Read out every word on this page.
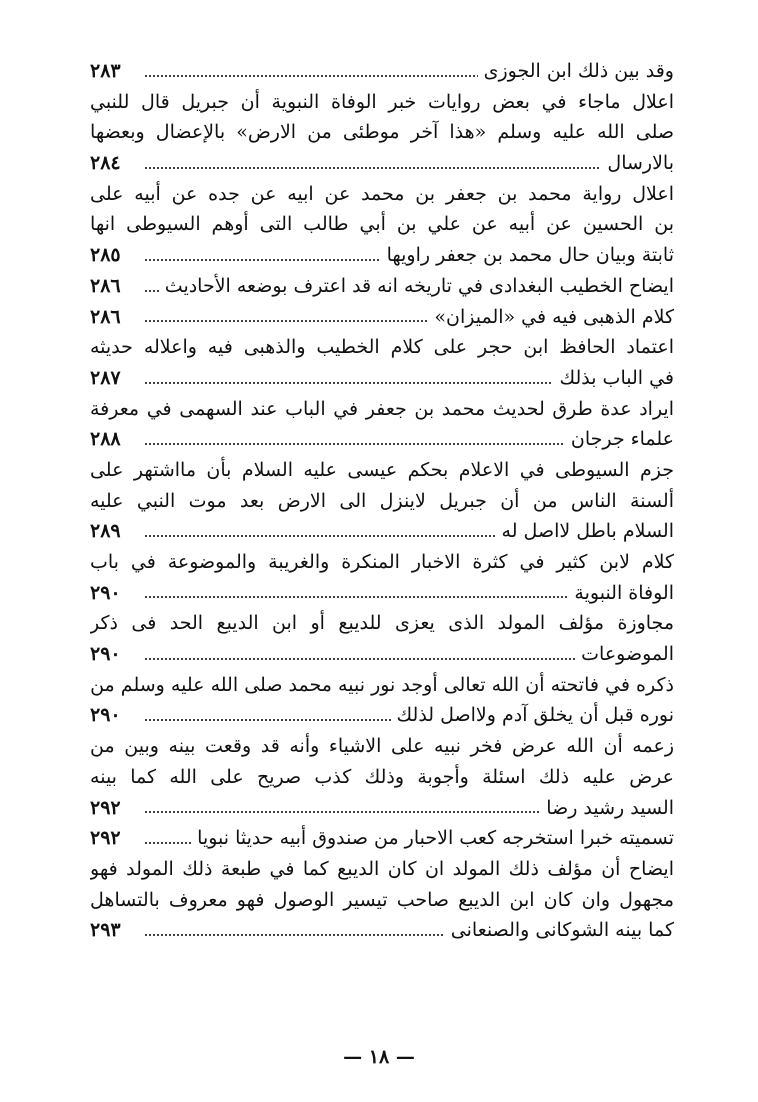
وقد بين ذلك ابن الجوزى
٢٨٣
اعلال ماجاء في بعض روايات خبر الوفاة النبوية أن جبريل قال للنبي
صلى الله عليه وسلم «هذا آخر موطئى من الارض» بالإعضال وبعضها
بالارسال
٢٨٤
اعلال رواية محمد بن جعفر بن محمد عن ابيه عن جده عن أبيه على
بن الحسين عن أبيه عن علي بن أبي طالب التى أوهم السيوطى انها
ثابتة وبيان حال محمد بن جعفر راويها
٢٨٥
ايضاح الخطيب البغدادى في تاريخه انه قد اعترف بوضعه الأحاديث
٢٨٦
كلام الذهبى فيه في «الميزان»
٢٨٦
اعتماد الحافظ ابن حجر على كلام الخطيب والذهبى فيه واعلاله حديثه
في الباب بذلك
٢٨٧
ايراد عدة طرق لحديث محمد بن جعفر في الباب عند السهمى في معرفة
علماء جرجان
٢٨٨
جزم السيوطى في الاعلام بحكم عيسى عليه السلام بأن مااشتهر على
ألسنة الناس من أن جبريل لاينزل الى الارض بعد موت النبي عليه
السلام باطل لااصل له
٢٨٩
كلام لابن كثير في كثرة الاخبار المنكرة والغريبة والموضوعة في باب
الوفاة النبوية
٢٩٠
مجاوزة مؤلف المولد الذى يعزى للديبع أو ابن الديبع الحد فى ذكر
الموضوعات
٢٩٠
ذكره في فاتحته أن الله تعالى أوجد نور نبيه محمد صلى الله عليه وسلم من
نوره قبل أن يخلق آدم ولااصل لذلك
٢٩٠
زعمه أن الله عرض فخر نبيه على الاشياء وأنه قد وقعت بينه وبين من
عرض عليه ذلك اسئلة وأجوبة وذلك كذب صريح على الله كما بينه
السيد رشيد رضا
٢٩٢
تسميته خبرا استخرجه كعب الاحبار من صندوق أبيه حديثا نبويا
٢٩٢
ايضاح أن مؤلف ذلك المولد ان كان الديبع كما في طبعة ذلك المولد فهو
مجهول وان كان ابن الديبع صاحب تيسير الوصول فهو معروف بالتساهل
كما بينه الشوكانى والصنعانى
٢٩٣
— ١٨ —
